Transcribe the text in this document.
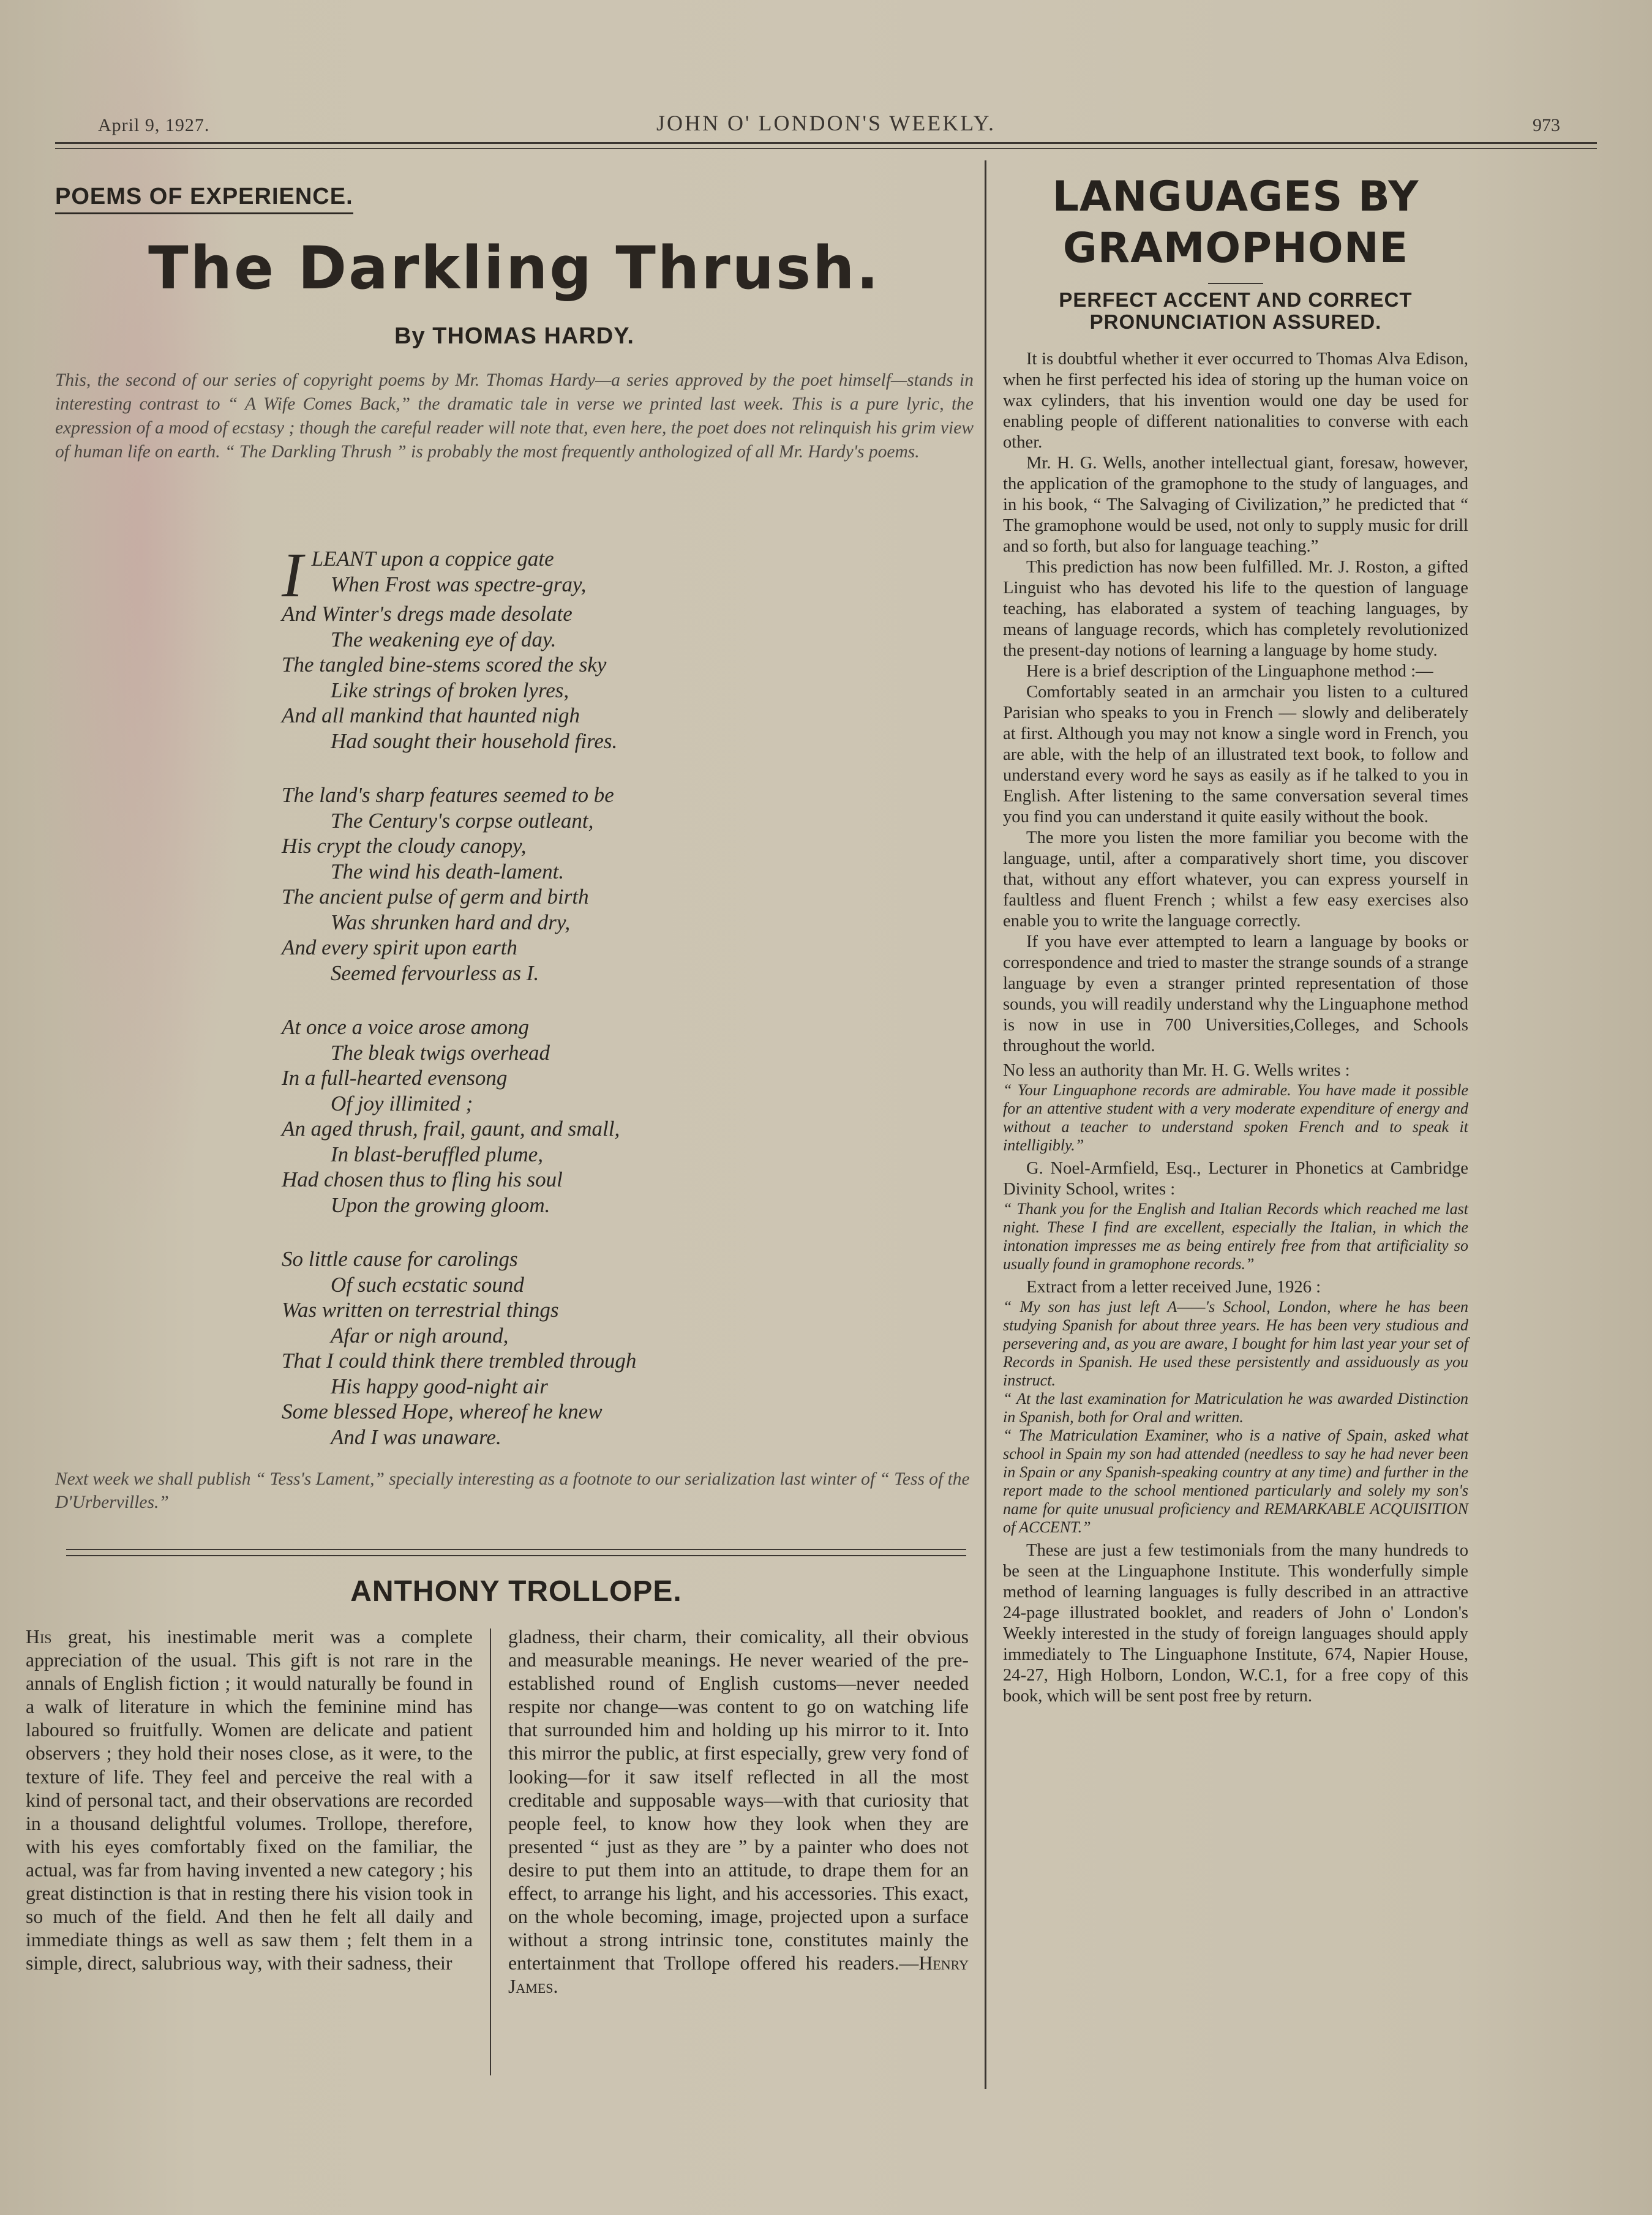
April 9, 1927.	JOHN O' LONDON'S WEEKLY.	973
POEMS OF EXPERIENCE.
The Darkling Thrush.
By THOMAS HARDY.
This, the second of our series of copyright poems by Mr. Thomas Hardy—a series approved by the poet himself—stands in interesting contrast to “ A Wife Comes Back,” the dramatic tale in verse we printed last week. This is a pure lyric, the expression of a mood of ecstasy ; though the careful reader will note that, even here, the poet does not relinquish his grim view of human life on earth. “ The Darkling Thrush ” is probably the most frequently anthologized of all Mr. Hardy's poems.
I LEANT upon a coppice gate
When Frost was spectre-gray,
And Winter's dregs made desolate
The weakening eye of day.
The tangled bine-stems scored the sky
Like strings of broken lyres,
And all mankind that haunted nigh
Had sought their household fires.
The land's sharp features seemed to be
The Century's corpse outleant,
His crypt the cloudy canopy,
The wind his death-lament.
The ancient pulse of germ and birth
Was shrunken hard and dry,
And every spirit upon earth
Seemed fervourless as I.
At once a voice arose among
The bleak twigs overhead
In a full-hearted evensong
Of joy illimited ;
An aged thrush, frail, gaunt, and small,
In blast-beruffled plume,
Had chosen thus to fling his soul
Upon the growing gloom.
So little cause for carolings
Of such ecstatic sound
Was written on terrestrial things
Afar or nigh around,
That I could think there trembled through
His happy good-night air
Some blessed Hope, whereof he knew
And I was unaware.
Next week we shall publish “ Tess's Lament,” specially interesting as a footnote to our serialization last winter of “ Tess of the D'Urbervilles.”
ANTHONY TROLLOPE.
His great, his inestimable merit was a complete appreciation of the usual. This gift is not rare in the annals of English fiction ; it would naturally be found in a walk of literature in which the feminine mind has laboured so fruitfully. Women are delicate and patient observers ; they hold their noses close, as it were, to the texture of life. They feel and perceive the real with a kind of personal tact, and their observations are recorded in a thousand delightful volumes. Trollope, therefore, with his eyes comfortably fixed on the familiar, the actual, was far from having invented a new category ; his great distinction is that in resting there his vision took in so much of the field. And then he felt all daily and immediate things as well as saw them ; felt them in a simple, direct, salubrious way, with their sadness, their
gladness, their charm, their comicality, all their obvious and measurable meanings. He never wearied of the pre-established round of English customs—never needed respite nor change—was content to go on watching life that surrounded him and holding up his mirror to it. Into this mirror the public, at first especially, grew very fond of looking—for it saw itself reflected in all the most creditable and supposable ways—with that curiosity that people feel, to know how they look when they are presented “ just as they are ” by a painter who does not desire to put them into an attitude, to drape them for an effect, to arrange his light, and his accessories. This exact, on the whole becoming, image, projected upon a surface without a strong intrinsic tone, constitutes mainly the entertainment that Trollope offered his readers.—Henry James.
LANGUAGES BY GRAMOPHONE
PERFECT ACCENT AND CORRECT PRONUNCIATION ASSURED.

It is doubtful whether it ever occurred to Thomas Alva Edison, when he first perfected his idea of storing up the human voice on wax cylinders, that his invention would one day be used for enabling people of different nationalities to converse with each other.

Mr. H. G. Wells, another intellectual giant, foresaw, however, the application of the gramophone to the study of languages, and in his book, “ The Salvaging of Civilization,” he predicted that “ The gramophone would be used, not only to supply music for drill and so forth, but also for language teaching.”

This prediction has now been fulfilled. Mr. J. Roston, a gifted Linguist who has devoted his life to the question of language teaching, has elaborated a system of teaching languages, by means of language records, which has completely revolutionized the present-day notions of learning a language by home study.

Here is a brief description of the Linguaphone method :—

Comfortably seated in an armchair you listen to a cultured Parisian who speaks to you in French — slowly and deliberately at first. Although you may not know a single word in French, you are able, with the help of an illustrated text book, to follow and understand every word he says as easily as if he talked to you in English. After listening to the same conversation several times you find you can understand it quite easily without the book.

The more you listen the more familiar you become with the language, until, after a comparatively short time, you discover that, without any effort whatever, you can express yourself in faultless and fluent French ; whilst a few easy exercises also enable you to write the language correctly.

If you have ever attempted to learn a language by books or correspondence and tried to master the strange sounds of a strange language by even a stranger printed representation of those sounds, you will readily understand why the Linguaphone method is now in use in 700 Universities,Colleges, and Schools throughout the world.

No less an authority than Mr. H. G. Wells writes :

“ Your Linguaphone records are admirable. You have made it possible for an attentive student with a very moderate expenditure of energy and without a teacher to understand spoken French and to speak it intelligibly.”

G. Noel-Armfield, Esq., Lecturer in Phonetics at Cambridge Divinity School, writes :

“ Thank you for the English and Italian Records which reached me last night. These I find are excellent, especially the Italian, in which the intonation impresses me as being entirely free from that artificiality so usually found in gramophone records.”

Extract from a letter received June, 1926 :

“ My son has just left A——'s School, London, where he has been studying Spanish for about three years. He has been very studious and persevering and, as you are aware, I bought for him last year your set of Records in Spanish. He used these persistently and assiduously as you instruct.

“ At the last examination for Matriculation he was awarded Distinction in Spanish, both for Oral and written.

“ The Matriculation Examiner, who is a native of Spain, asked what school in Spain my son had attended (needless to say he had never been in Spain or any Spanish-speaking country at any time) and further in the report made to the school mentioned particularly and solely my son's name for quite unusual proficiency and REMARKABLE ACQUISITION of ACCENT.”

These are just a few testimonials from the many hundreds to be seen at the Linguaphone Institute. This wonderfully simple method of learning languages is fully described in an attractive 24-page illustrated booklet, and readers of John o' London's Weekly interested in the study of foreign languages should apply immediately to The Linguaphone Institute, 674, Napier House, 24-27, High Holborn, London, W.C.1, for a free copy of this book, which will be sent post free by return.
